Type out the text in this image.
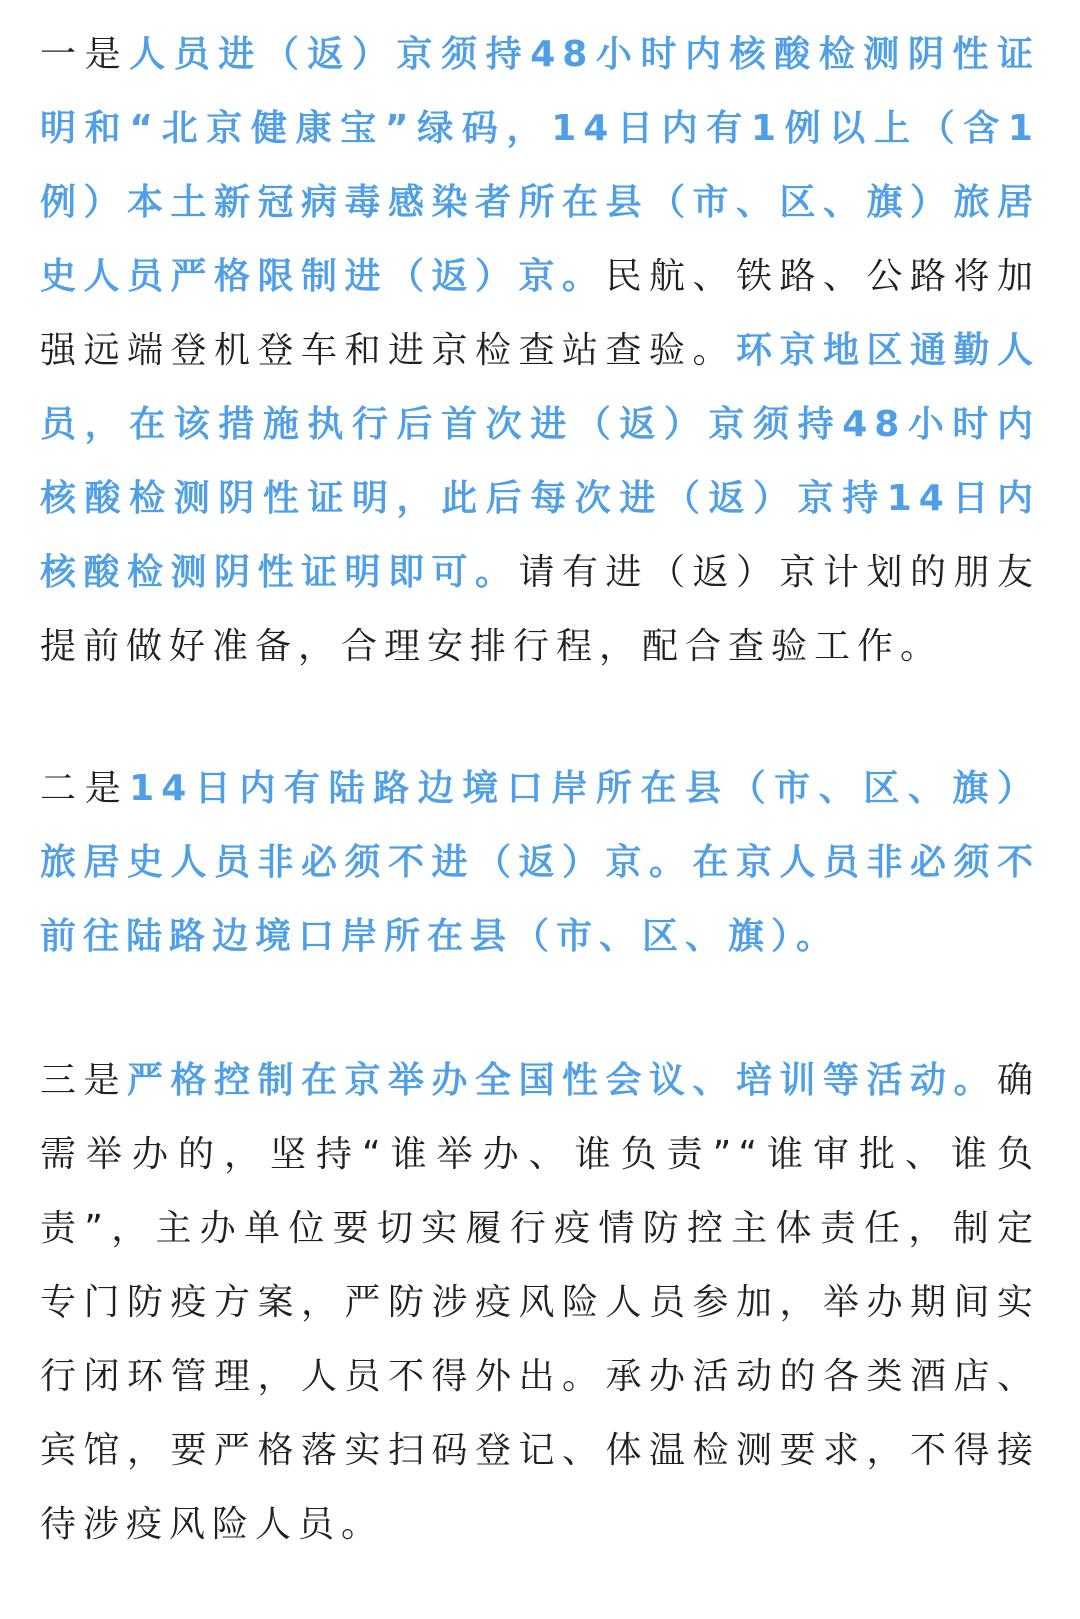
一是人员进（返）京须持48小时内核酸检测阴性证明和“北京健康宝”绿码，14日内有1例以上（含1例）本土新冠病毒感染者所在县（市、区、旗）旅居史人员严格限制进（返）京。民航、铁路、公路将加强远端登机登车和进京检查站查验。环京地区通勤人员，在该措施执行后首次进（返）京须持48小时内核酸检测阴性证明，此后每次进（返）京持14日内核酸检测阴性证明即可。请有进（返）京计划的朋友提前做好准备，合理安排行程，配合查验工作。

二是14日内有陆路边境口岸所在县（市、区、旗）旅居史人员非必须不进（返）京。在京人员非必须不前往陆路边境口岸所在县（市、区、旗）。

三是严格控制在京举办全国性会议、培训等活动。确需举办的，坚持“谁举办、谁负责”“谁审批、谁负责”，主办单位要切实履行疫情防控主体责任，制定专门防疫方案，严防涉疫风险人员参加，举办期间实行闭环管理，人员不得外出。承办活动的各类酒店、宾馆，要严格落实扫码登记、体温检测要求，不得接待涉疫风险人员。
